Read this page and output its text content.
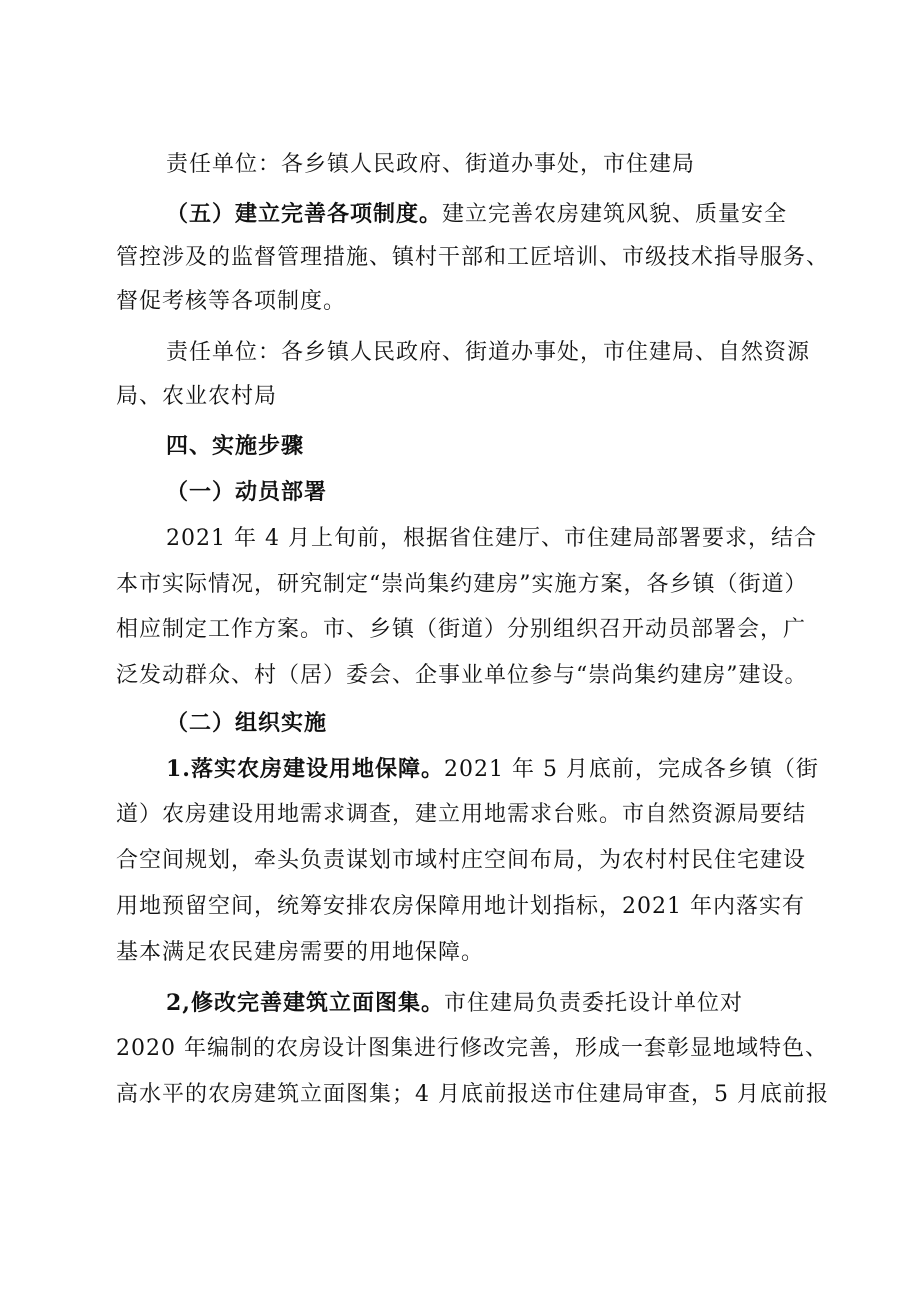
责任单位：各乡镇人民政府、街道办事处，市住建局
（五）建立完善各项制度。建立完善农房建筑风貌、质量安全
管控涉及的监督管理措施、镇村干部和工匠培训、市级技术指导服务、
督促考核等各项制度。
责任单位：各乡镇人民政府、街道办事处，市住建局、自然资源
局、农业农村局
四、实施步骤
（一）动员部署
2021 年 4 月上旬前，根据省住建厅、市住建局部署要求，结合
本市实际情况，研究制定“崇尚集约建房”实施方案，各乡镇（街道）
相应制定工作方案。市、乡镇（街道）分别组织召开动员部署会，广
泛发动群众、村（居）委会、企事业单位参与“崇尚集约建房”建设。
（二）组织实施
1.落实农房建设用地保障。2021 年 5 月底前，完成各乡镇（街
道）农房建设用地需求调查，建立用地需求台账。市自然资源局要结
合空间规划，牵头负责谋划市域村庄空间布局，为农村村民住宅建设
用地预留空间，统筹安排农房保障用地计划指标，2021 年内落实有
基本满足农民建房需要的用地保障。
2,修改完善建筑立面图集。市住建局负责委托设计单位对
2020 年编制的农房设计图集进行修改完善，形成一套彰显地域特色、
高水平的农房建筑立面图集；4 月底前报送市住建局审查，5 月底前报
